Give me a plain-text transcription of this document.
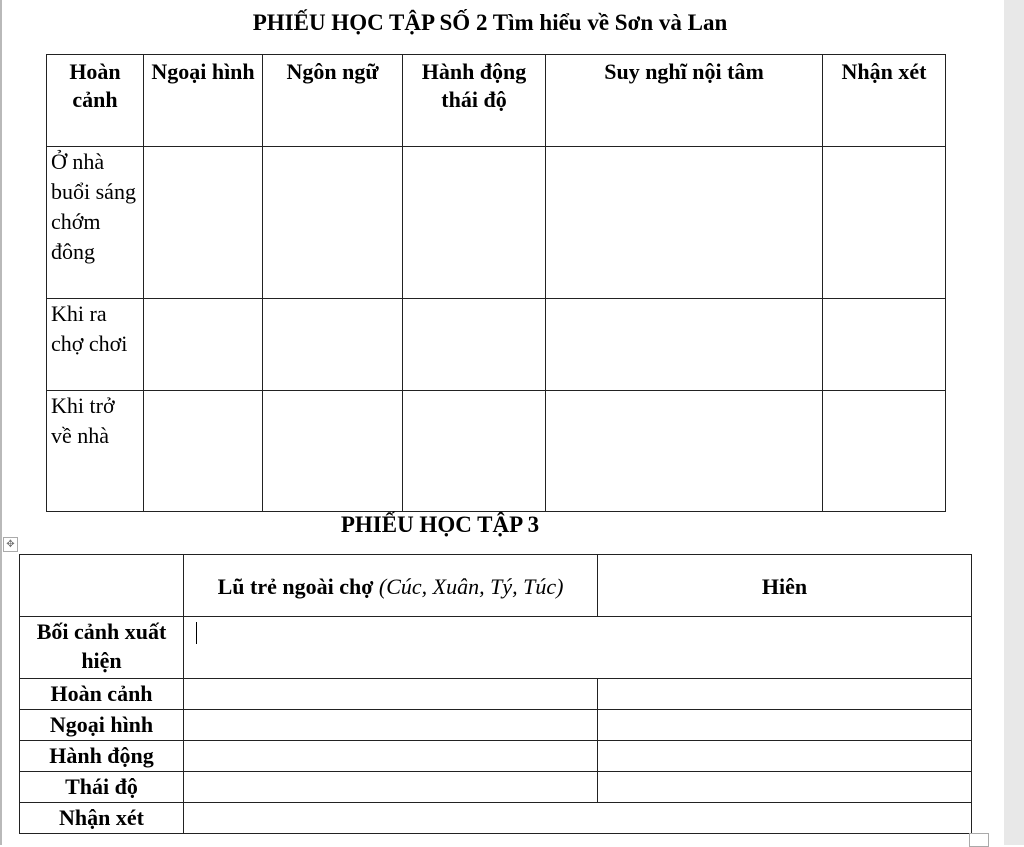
PHIẾU HỌC TẬP SỐ 2 Tìm hiểu về Sơn và Lan
Hoàn cảnh	Ngoại hình	Ngôn ngữ	Hành động thái độ	Suy nghĩ nội tâm	Nhận xét
Ở nhà buổi sáng chớm đông					
Khi ra chợ chơi					
Khi trở về nhà					
✥
PHIẾU HỌC TẬP 3
	Lũ trẻ ngoài chợ (Cúc, Xuân, Tý, Túc)	Hiên
Bối cảnh xuất hiện		
Hoàn cảnh		
Ngoại hình		
Hành động		
Thái độ		
Nhận xét		
